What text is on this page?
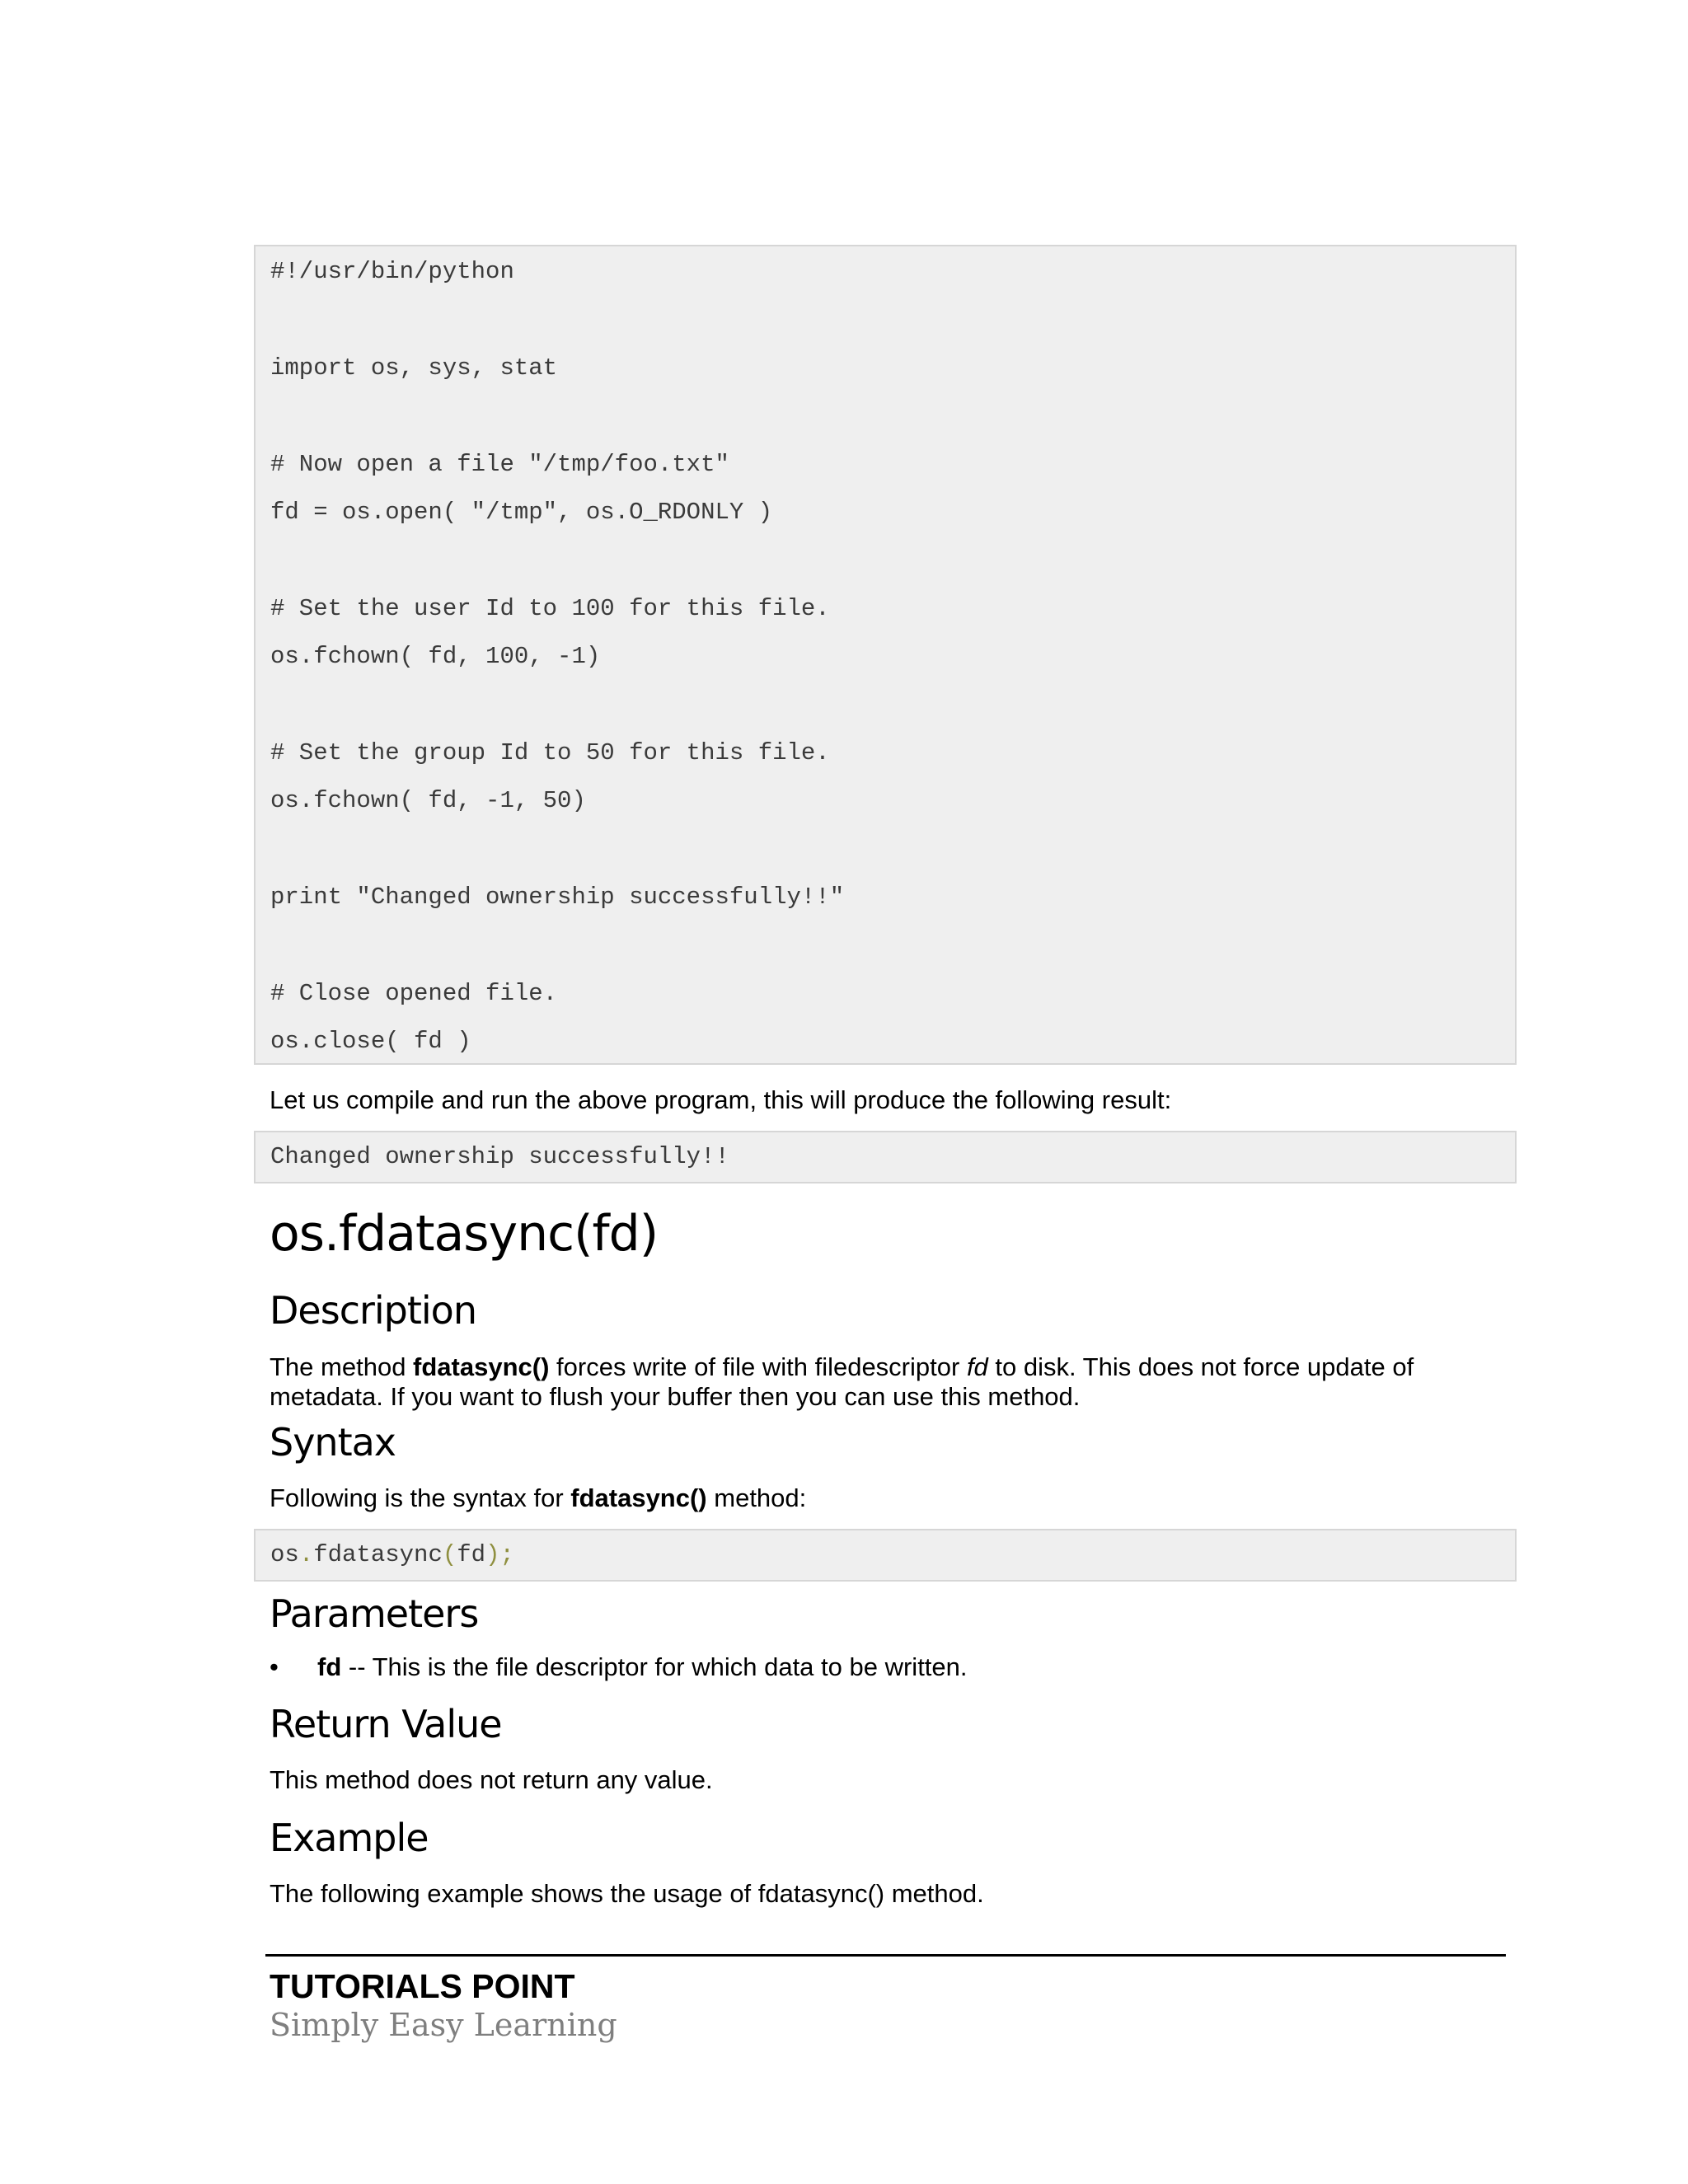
#!/usr/bin/python

import os, sys, stat

# Now open a file "/tmp/foo.txt"

fd = os.open( "/tmp", os.O_RDONLY )

# Set the user Id to 100 for this file.

os.fchown( fd, 100, -1)

# Set the group Id to 50 for this file.

os.fchown( fd, -1, 50)

print "Changed ownership successfully!!"

# Close opened file.

os.close( fd )

Let us compile and run the above program, this will produce the following result:

Changed ownership successfully!!

os.fdatasync(fd)
Description
The method fdatasync() forces write of file with filedescriptor fd to disk. This does not force update of metadata. If you want to flush your buffer then you can use this method.
Syntax
Following is the syntax for fdatasync() method:

os.fdatasync(fd);

Parameters
• fd -- This is the file descriptor for which data to be written.
Return Value
This method does not return any value.
Example
The following example shows the usage of fdatasync() method.
TUTORIALS POINT
Simply Easy Learning
